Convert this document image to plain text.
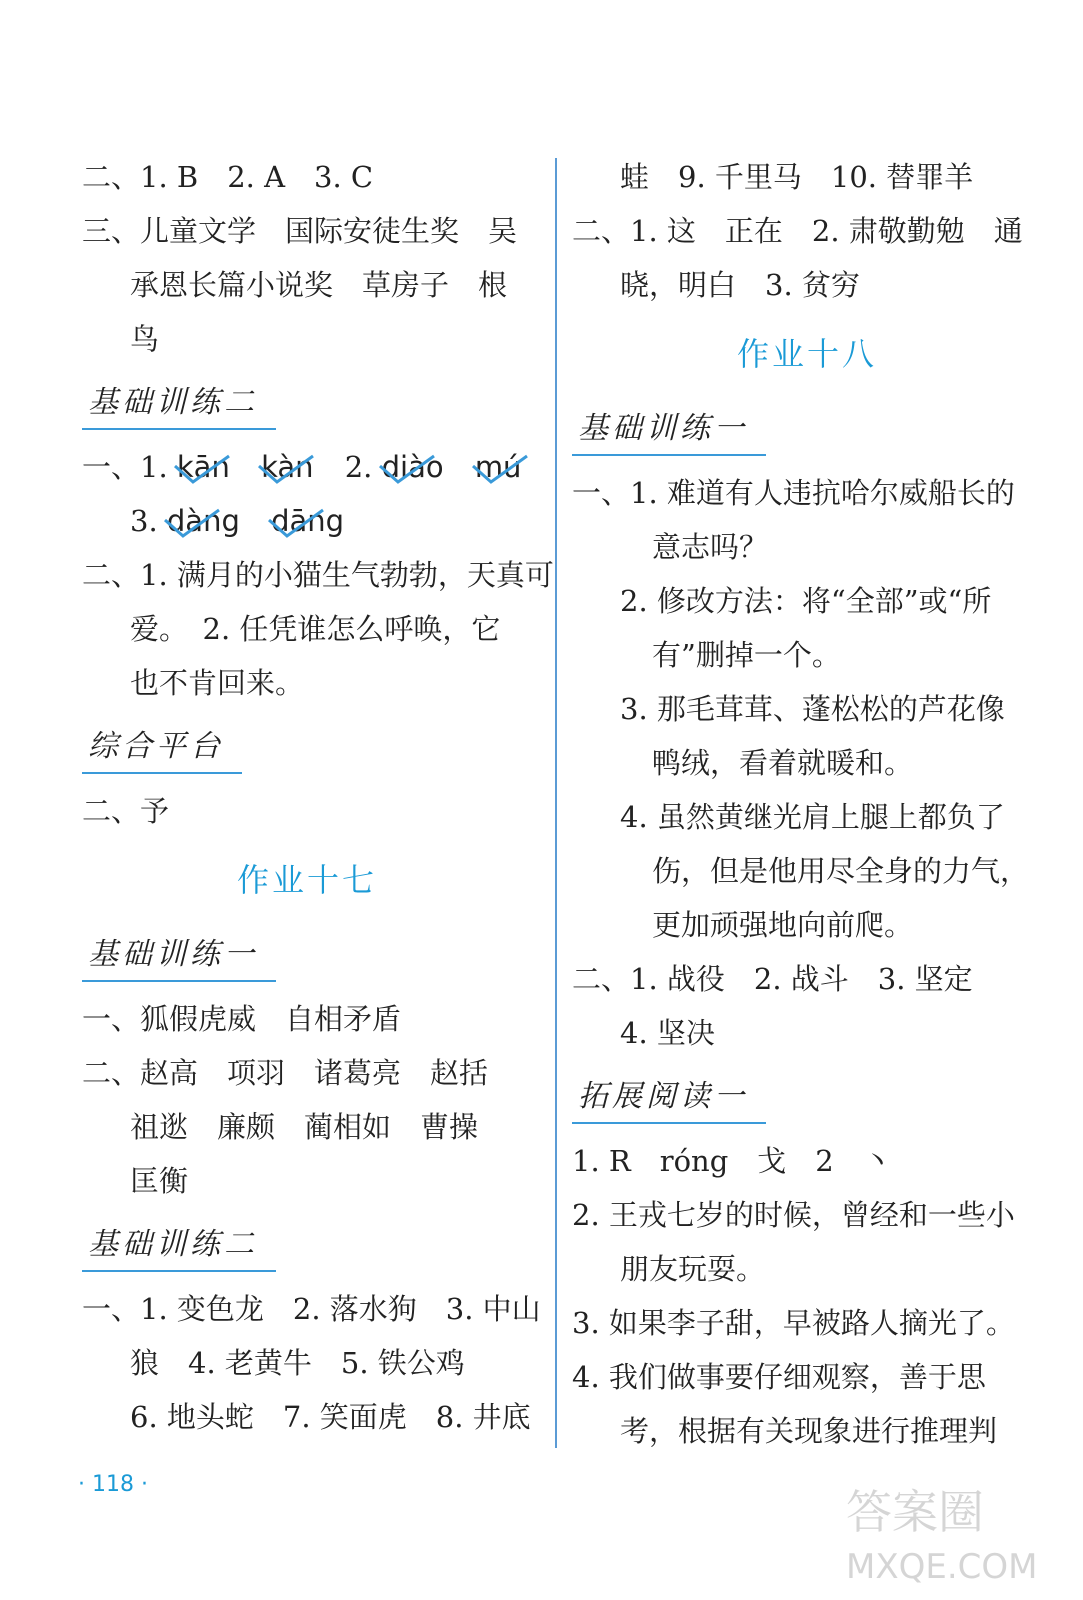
二、1. B　2. A　3. C
三、儿童文学　国际安徒生奖　吴
承恩长篇小说奖　草房子　根
鸟
基础训练二
一、1. kān kàn 2. diào mú
3. dàng dāng
二、1. 满月的小猫生气勃勃，天真可
爱。　2. 任凭谁怎么呼唤，它
也不肯回来。
综合平台
二、予
作业十七
基础训练一
一、狐假虎威　自相矛盾
二、赵高　项羽　诸葛亮　赵括
祖逖　廉颇　蔺相如　曹操
匡衡
基础训练二
一、1. 变色龙　2. 落水狗　3. 中山
狼　4. 老黄牛　5. 铁公鸡
6. 地头蛇　7. 笑面虎　8. 井底
蛙　9. 千里马　10. 替罪羊
二、1. 这　正在　2. 肃敬勤勉　通
晓，明白　3. 贫穷
作业十八
基础训练一
一、1. 难道有人违抗哈尔威船长的
意志吗？
2. 修改方法：将“全部”或“所
有”删掉一个。
3. 那毛茸茸、蓬松松的芦花像
鸭绒，看着就暖和。
4. 虽然黄继光肩上腿上都负了
伤，但是他用尽全身的力气，
更加顽强地向前爬。
二、1. 战役　2. 战斗　3. 坚定
4. 坚决
拓展阅读一
1. R　róng　戈　2　丶
2. 王戎七岁的时候，曾经和一些小
朋友玩耍。
3. 如果李子甜，早被路人摘光了。
4. 我们做事要仔细观察，善于思
考，根据有关现象进行推理判
· 118 ·
答案圈
MXQE.COM
